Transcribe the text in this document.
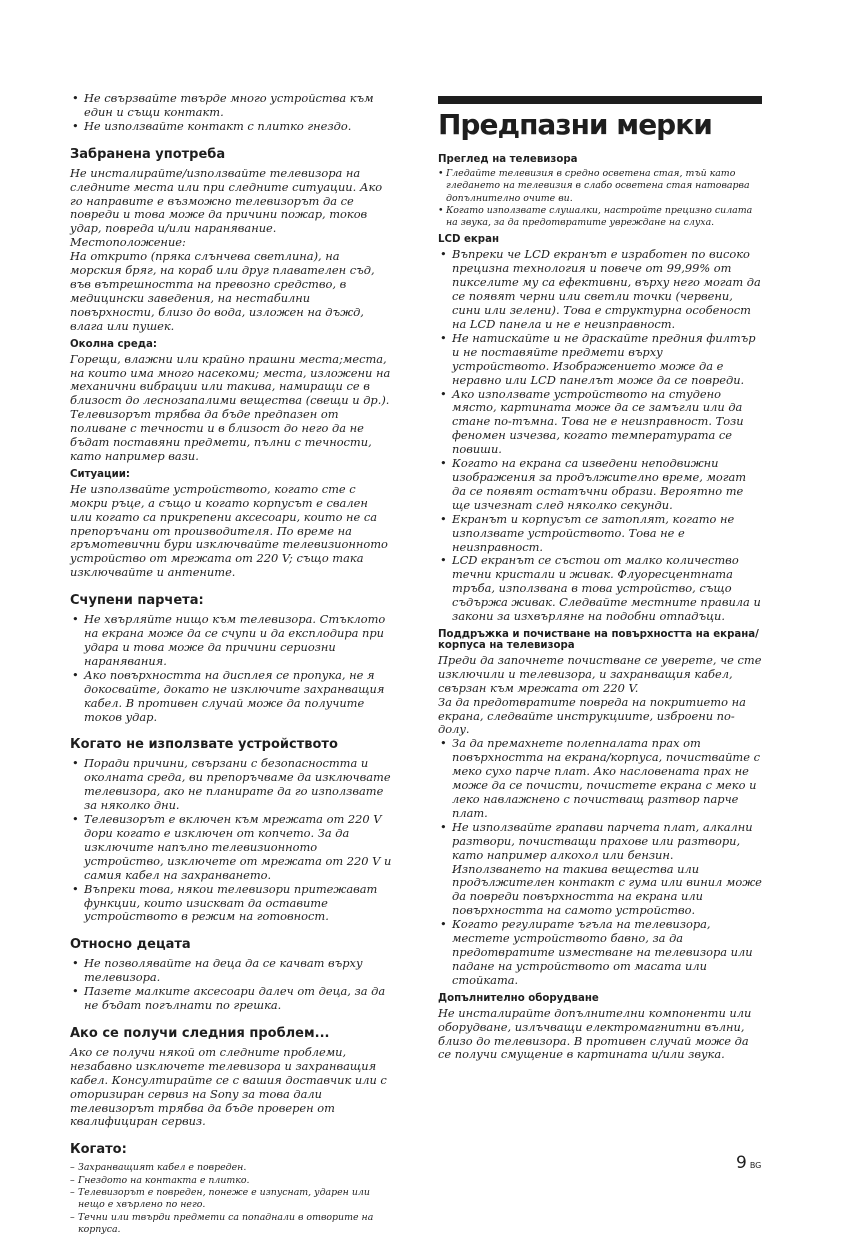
• Не свързвайте твърде много устройства към един и същи контакт.
• Не използвайте контакт с плитко гнездо.
Забранена употреба

Не инсталирайте/използвайте телевизора на следните места или при следните ситуации. Ако го направите е възможно телевизорът да се повреди и това може да причини пожар, токов удар, повреда и/или наранявание.

Местоположение:

На открито (пряка слънчева светлина), на морския бряг, на кораб или друг плавателен съд, във вътрешността на превозно средство, в медицински заведения, на нестабилни повърхности, близо до вода, изложен на дъжд, влага или пушек.

Околна среда:

Горещи, влажни или крайно прашни места;места, на които има много насекоми; места, изложени на механични вибрации или такива, намиращи се в близост до леснозапалими вещества (свещи и др.). Телевизорът трябва да бъде предпазен от поливане с течности и в близост до него да не бъдат поставяни предмети, пълни с течности, като например вази.

Ситуации:

Не използвайте устройството, когато сте с мокри ръце, а също и когато корпусът е свален или когато са прикрепени аксесоари, които не са препоръчани от производителя. По време на гръмотевични бури изключвайте телевизионното устройство от мрежата от 220 V; също така изключвайте и антените.

Счупени парчета:
• Не хвърляйте нищо към телевизора. Стъклото на екрана може да се счупи и да експлодира при удара и това може да причини сериозни наранявания.
• Ако повърхността на дисплея се пропука, не я докосвайте, докато не изключите захранващия кабел. В противен случай може да получите токов удар.
Когато не използвате устройството
• Поради причини, свързани с безопасността и околната среда, ви препоръчваме да изключвате телевизора, ако не планирате да го използвате за няколко дни.
• Телевизорът е включен към мрежата от 220 V дори когато е изключен от копчето. За да изключите напълно телевизионното устройство, изключете от мрежата от 220 V и самия кабел на захранването.
• Въпреки това, някои телевизори притежават функции, които изискват да оставите устройството в режим на готовност.
Относно децата
• Не позволявайте на деца да се качват върху телевизора.
• Пазете малките аксесоари далеч от деца, за да не бъдат погълнати по грешка.
Ако се получи следния проблем...

Ако се получи някой от следните проблеми, незабавно изключете телевизора и захранващия кабел. Консултирайте се с вашия доставчик или с оторизиран сервиз на Sony за това дали телевизорът трябва да бъде проверен от квалифициран сервиз.

Когато:
– Захранващият кабел е повреден.
– Гнездото на контакта е плитко.
– Телевизорът е повреден, понеже е изпуснат, ударен или нещо е хвърлено по него.
– Течни или твърди предмети са попаднали в отворите на корпуса.
Предпазни мерки
Преглед на телевизора
• Гледайте телевизия в средно осветена стая, тъй като гледането на телевизия в слабо осветена стая натоварва допълнително очите ви.
• Когато използвате слушалки, настройте прецизно силата на звука, за да предотвратите увреждане на слуха.
LCD екран
• Въпреки че LCD екранът е изработен по високо прецизна технология и повече от 99,99% от пикселите му са ефективни, върху него могат да се появят черни или светли точки (червени, сини или зелени). Това е структурна особеност на LCD панела и не е неизправност.
• Не натискайте и не драскайте предния филтър и не поставяйте предмети върху устройството. Изображението може да е неравно или LCD панелът може да се повреди.
• Ако използвате устройството на студено място, картината може да се замъгли или да стане по-тъмна. Това не е неизправност. Този феномен изчезва, когато температурата се повиши.
• Когато на екрана са изведени неподвижни изображения за продължително време, могат да се появят остатъчни образи. Вероятно те ще изчезнат след няколко секунди.
• Екранът и корпусът се затоплят, когато не използвате устройството. Това не е неизправност.
• LCD екранът се състои от малко количество течни кристали и живак. Флуоресцентната тръба, използвана в това устройство, също съдържа живак. Следвайте местните правила и закони за изхвърляне на подобни отпадъци.
Поддръжка и почистване на повърхността на екрана/корпуса на телевизора

Преди да започнете почистване се уверете, че сте изключили и телевизора, и захранващия кабел, свързан към мрежата от 220 V.

За да предотвратите повреда на покритието на екрана, следвайте инструкциите, изброени по-долу.

• За да премахнете полепналата прах от повърхността на екрана/корпуса, почиствайте с меко сухо парче плат. Ако насловената прах не може да се почисти, почистете екрана с меко и леко навлажнено с почистващ разтвор парче плат.
• Не използвайте грапави парчета плат, алкални разтвори, почистващи прахове или разтвори, като например алкохол или бензин. Използването на такива вещества или продължителен контакт с гума или винил може да повреди повърхността на екрана или повърхността на самото устройство.
• Когато регулирате ъгъла на телевизора, местете устройството бавно, за да предотвратите изместване на телевизора или падане на устройството от масата или стойката.
Допълнително оборудване

Не инсталирайте допълнителни компоненти или оборудване, излъчващи електромагнитни вълни, близо до телевизора. В противен случай може да се получи смущение в картината и/или звука.

9 BG
